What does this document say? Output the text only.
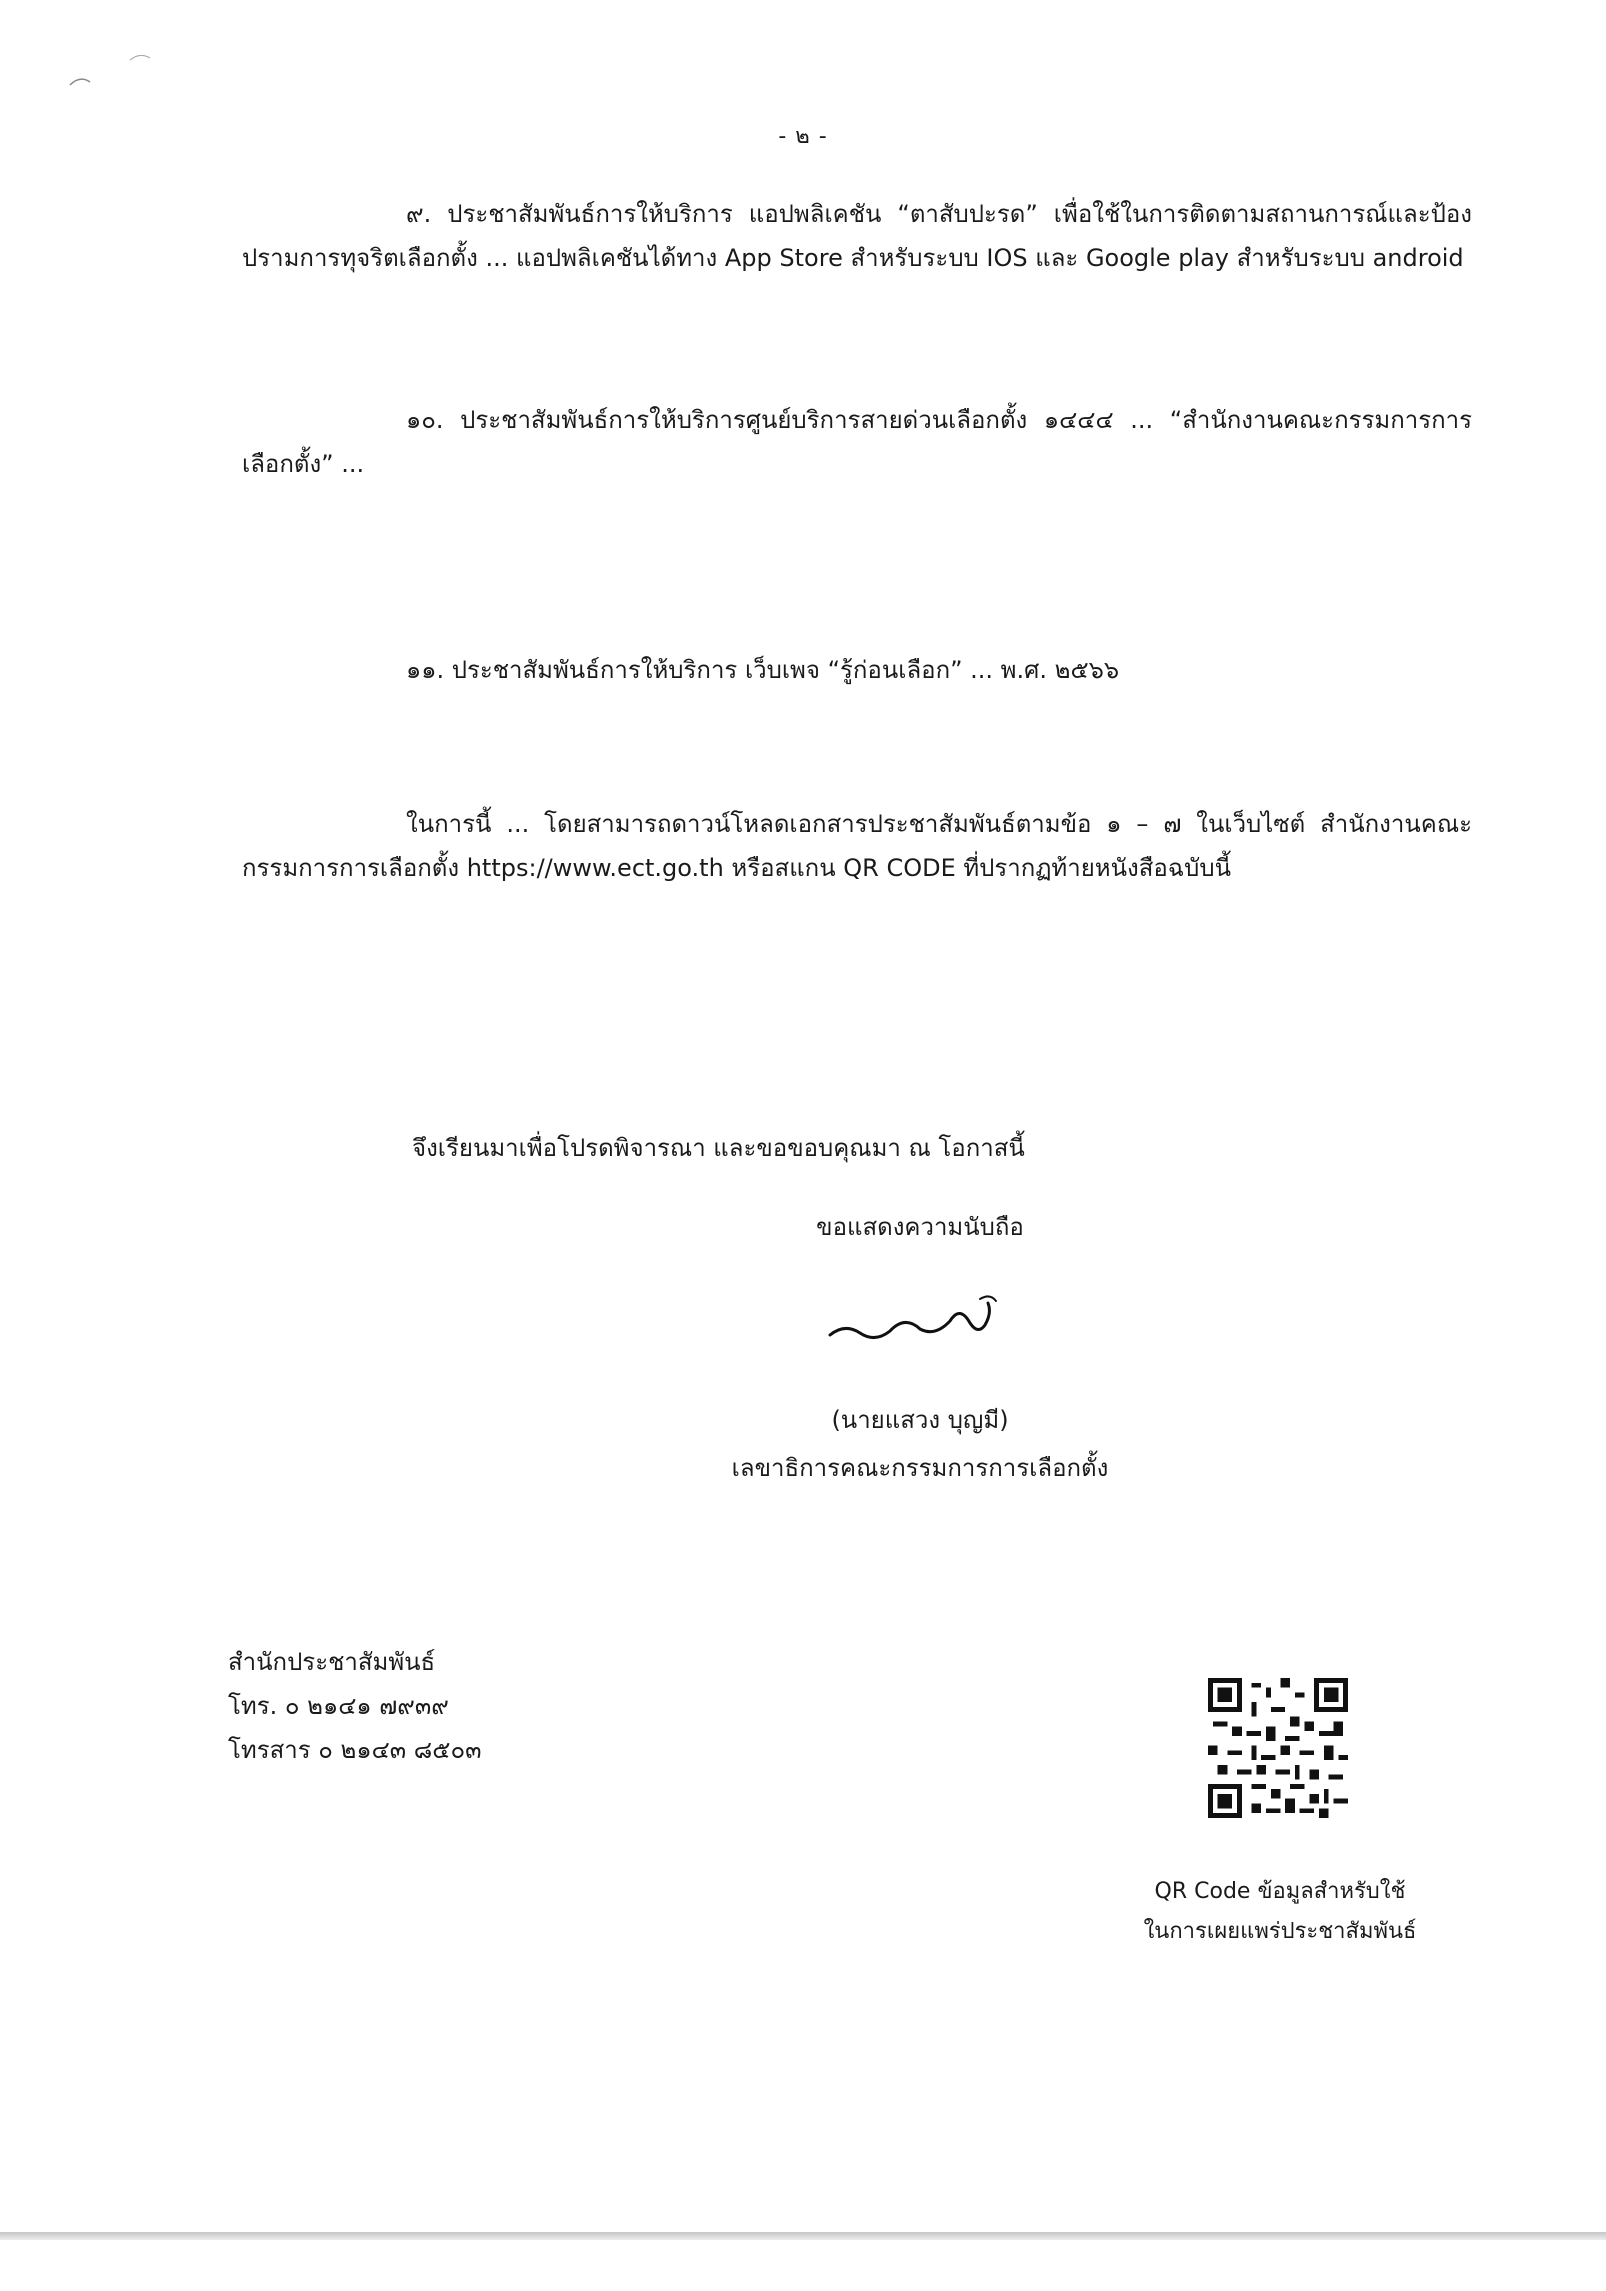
- ๒ -

๙. ประชาสัมพันธ์การให้บริการ แอปพลิเคชัน “ตาสับปะรด” เพื่อใช้ในการติดตามสถานการณ์และป้องปรามการทุจริตเลือกตั้ง ... แอปพลิเคชันได้ทาง App Store สำหรับระบบ IOS และ Google play สำหรับระบบ android

๑๐. ประชาสัมพันธ์การให้บริการศูนย์บริการสายด่วนเลือกตั้ง ๑๔๔๔ ... “สำนักงานคณะกรรมการการเลือกตั้ง” ...

๑๑. ประชาสัมพันธ์การให้บริการ เว็บเพจ “รู้ก่อนเลือก” ... พ.ศ. ๒๕๖๖

ในการนี้ ... โดยสามารถดาวน์โหลดเอกสารประชาสัมพันธ์ตามข้อ ๑ – ๗ ในเว็บไซต์ สำนักงานคณะกรรมการการเลือกตั้ง https://www.ect.go.th หรือสแกน QR CODE ที่ปรากฏท้ายหนังสือฉบับนี้

จึงเรียนมาเพื่อโปรดพิจารณา และขอขอบคุณมา ณ โอกาสนี้
ขอแสดงความนับถือ
(นายแสวง บุญมี)
เลขาธิการคณะกรรมการการเลือกตั้ง
สำนักประชาสัมพันธ์
โทร. ๐ ๒๑๔๑ ๗๙๓๙
โทรสาร ๐ ๒๑๔๓ ๘๕๐๓
QR Code ข้อมูลสำหรับใช้
ในการเผยแพร่ประชาสัมพันธ์
